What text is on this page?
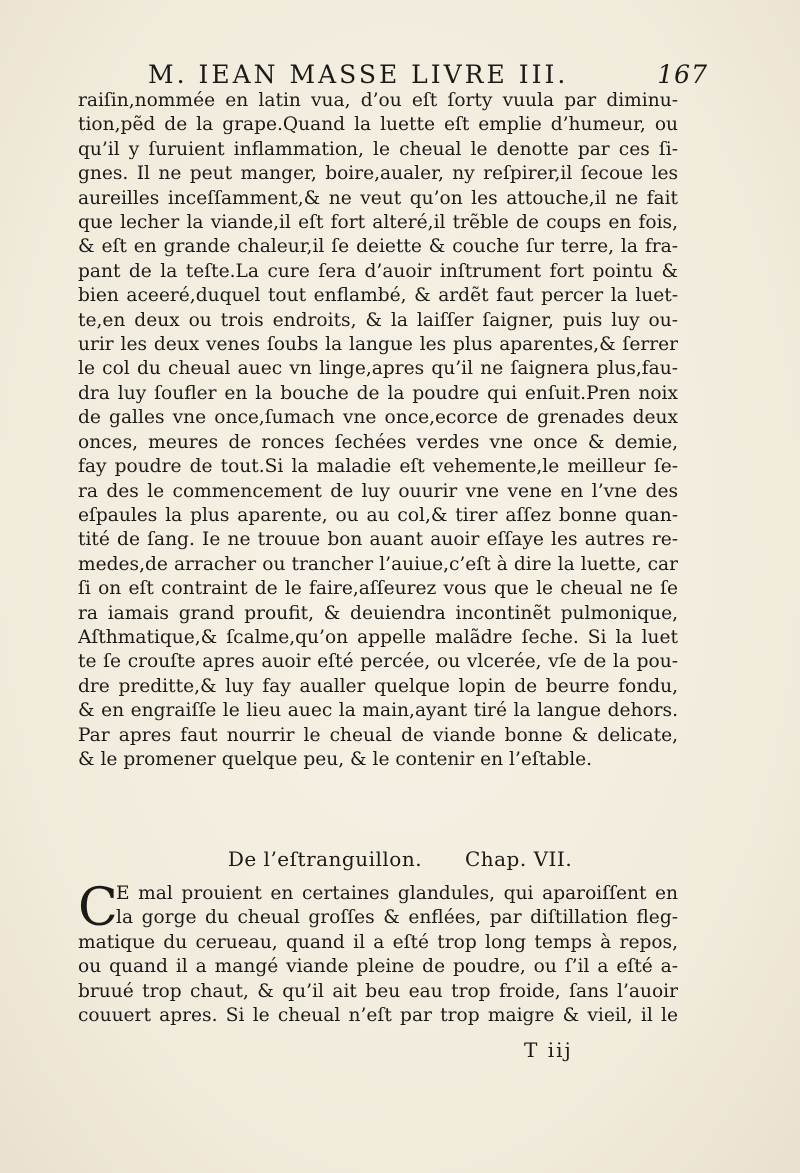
M. IEAN MASSE LIVRE III.	167
raiſin,nommée en latin vua, d’ou eſt ſorty vuula par diminu-
tion,pẽd de la grape.Quand la luette eſt emplie d’humeur, ou
qu’il y ſuruient inflammation, le cheual le denotte par ces ſi-
gnes. Il ne peut manger, boire,aualer, ny reſpirer,il ſecoue les
aureilles inceſſamment,& ne veut qu’on les attouche,il ne fait
que lecher la viande,il eſt fort alteré,il trẽble de coups en fois,
& eſt en grande chaleur,il ſe deiette & couche ſur terre, la fra-
pant de la teſte.La cure ſera d’auoir inſtrument fort pointu &
bien aceeré,duquel tout enflambé, & ardẽt faut percer la luet-
te,en deux ou trois endroits, & la laiſſer ſaigner, puis luy ou-
urir les deux venes ſoubs la langue les plus aparentes,& ſerrer
le col du cheual auec vn linge,apres qu’il ne ſaignera plus,fau-
dra luy ſoufler en la bouche de la poudre qui enſuit.Pren noix
de galles vne once,ſumach vne once,ecorce de grenades deux
onces, meures de ronces ſechées verdes vne once & demie,
fay poudre de tout.Si la maladie eſt vehemente,le meilleur ſe-
ra des le commencement de luy ouurir vne vene en l’vne des
eſpaules la plus aparente, ou au col,& tirer aſſez bonne quan-
tité de ſang. Ie ne trouue bon auant auoir eſſaye les autres re-
medes,de arracher ou trancher l’auiue,c’eſt à dire la luette, car
ſi on eſt contraint de le faire,aſſeurez vous que le cheual ne ſe
ra iamais grand proufit, & deuiendra incontinẽt pulmonique,
Aſthmatique,& ſcalme,qu’on appelle malãdre ſeche. Si la luet
te ſe crouſte apres auoir eſté percée, ou vlcerée, vſe de la pou-
dre preditte,& luy fay aualler quelque lopin de beurre fondu,
& en engraiſſe le lieu auec la main,ayant tiré la langue dehors.
Par apres faut nourrir le cheual de viande bonne & delicate,
& le promener quelque peu, & le contenir en l’eſtable.
De l’eſtranguillon. Chap. VII.
C
E mal prouient en certaines glandules, qui aparoiſſent en
la gorge du cheual groſſes & enflées, par diſtillation fleg-
matique du cerueau, quand il a eſté trop long temps à repos,
ou quand il a mangé viande pleine de poudre, ou ſ’il a eſté a-
bruué trop chaut, & qu’il ait beu eau trop froide, ſans l’auoir
couuert apres. Si le cheual n’eſt par trop maigre & vieil, il le
T iij
